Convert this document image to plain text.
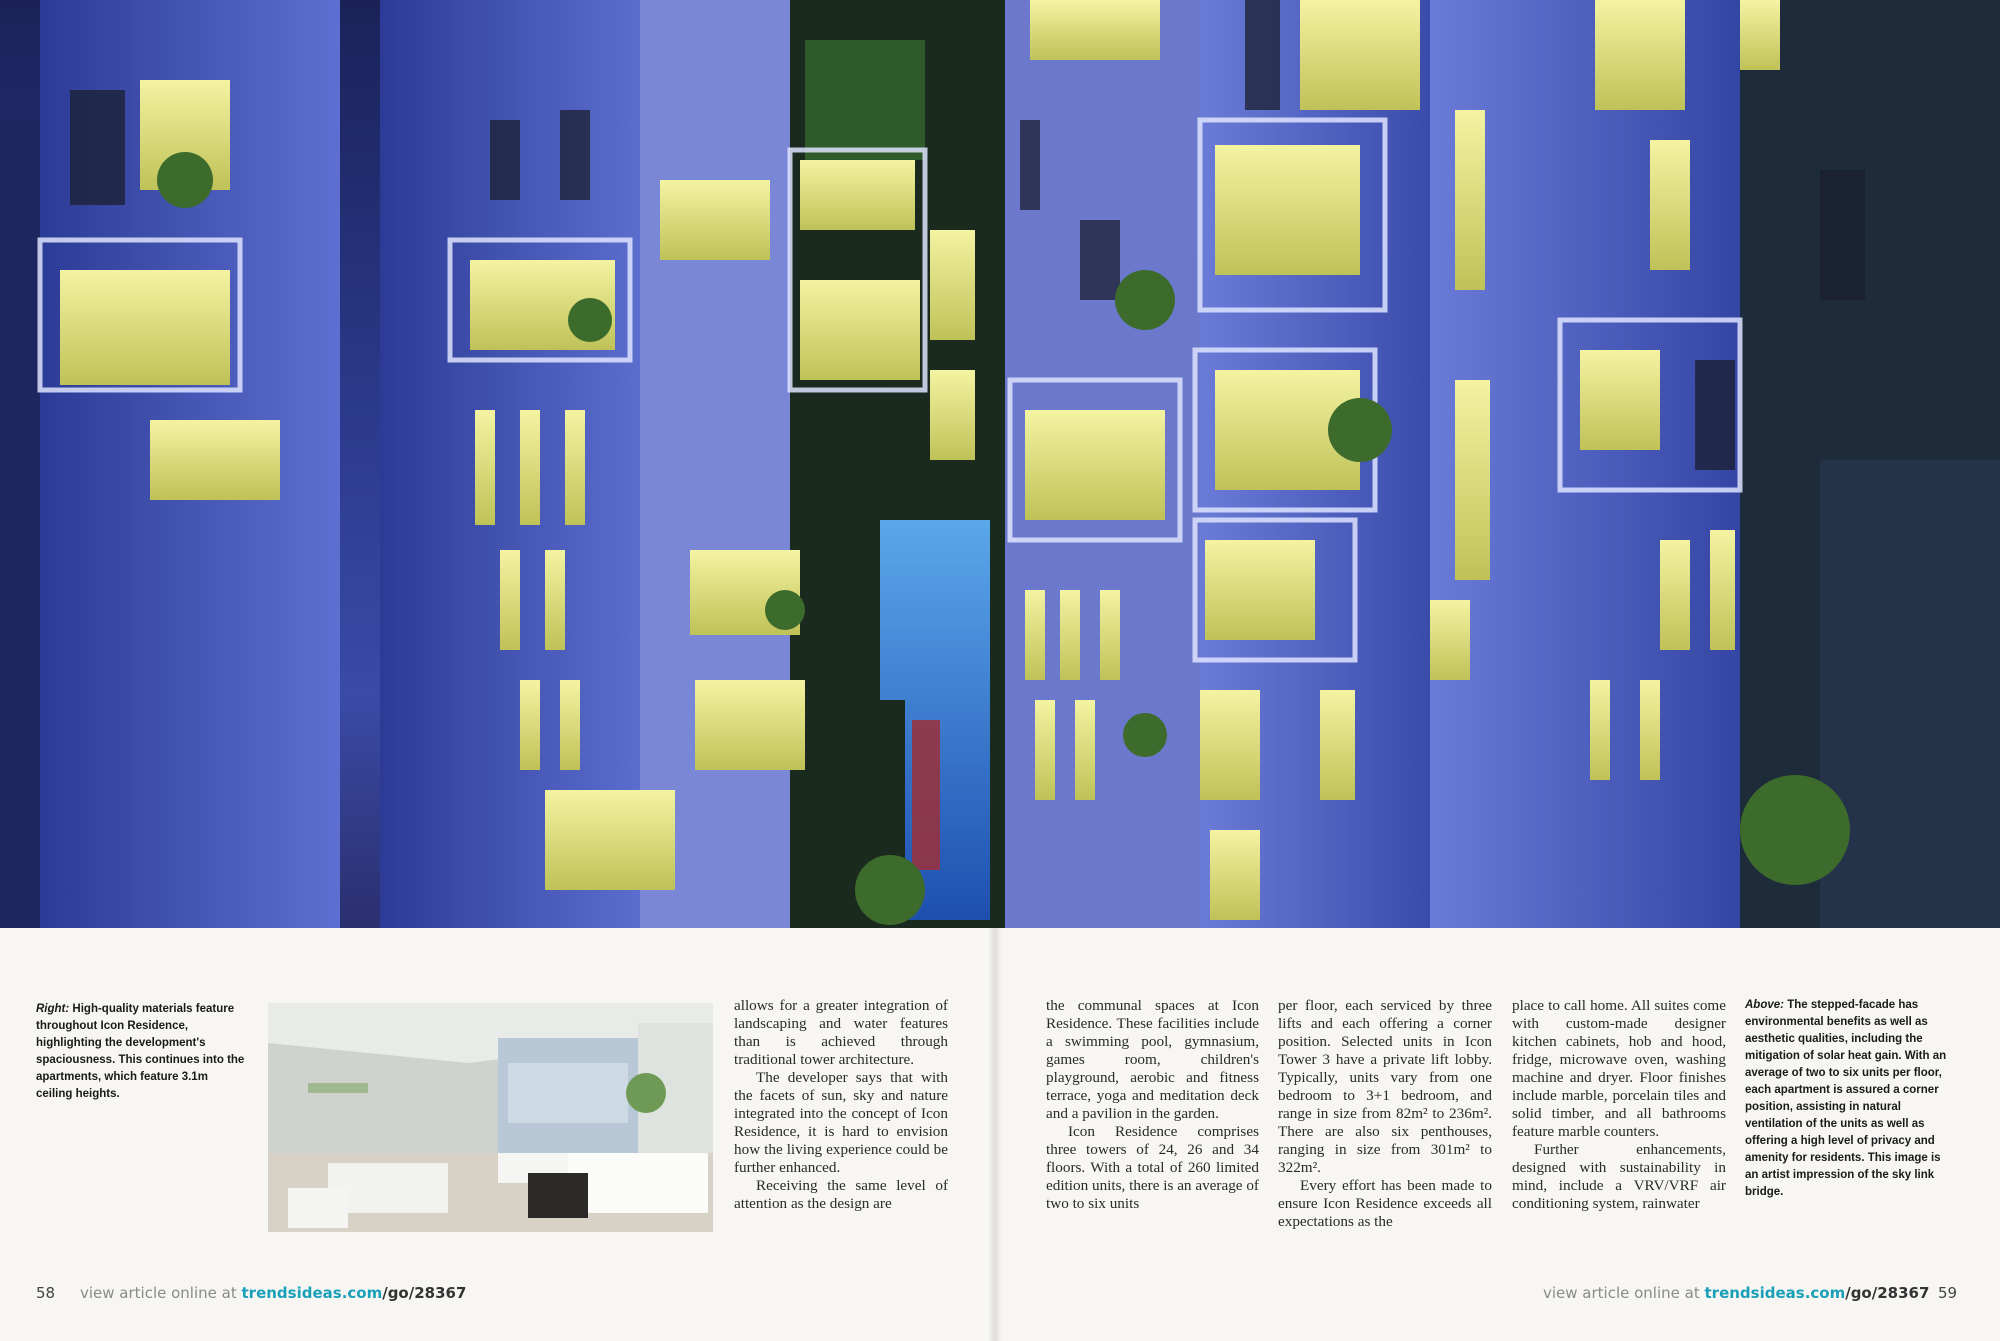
Right: High-quality materials feature throughout Icon Residence, highlighting the development's spaciousness. This continues into the apartments, which feature 3.1m ceiling heights.

allows for a greater integration of landscaping and water features than is achieved through traditional tower architecture.

The developer says that with the facets of sun, sky and nature integrated into the concept of Icon Residence, it is hard to envision how the living experience could be further enhanced.

Receiving the same level of attention as the design are

the communal spaces at Icon Residence. These facilities include a swimming pool, gymnasium, games room, children's playground, aerobic and fitness terrace, yoga and meditation deck and a pavilion in the garden.

Icon Residence comprises three towers of 24, 26 and 34 floors. With a total of 260 limited edition units, there is an average of two to six units

per floor, each serviced by three lifts and each offering a corner position. Selected units in Icon Tower 3 have a private lift lobby. Typically, units vary from one bedroom to 3+1 bedroom, and range in size from 82m² to 236m². There are also six penthouses, ranging in size from 301m² to 322m².

Every effort has been made to ensure Icon Residence exceeds all expectations as the

place to call home. All suites come with custom-made designer kitchen cabinets, hob and hood, fridge, microwave oven, washing machine and dryer. Floor finishes include marble, porcelain tiles and solid timber, and all bathrooms feature marble counters.

Further enhancements, designed with sustainability in mind, include a VRV/VRF air conditioning system, rainwater

Above: The stepped-facade has environmental benefits as well as aesthetic qualities, including the mitigation of solar heat gain. With an average of two to six units per floor, each apartment is assured a corner position, assisting in natural ventilation of the units as well as offering a high level of privacy and amenity for residents. This image is an artist impression of the sky link bridge.
58 view article online at trendsideas.com/go/28367	view article online at trendsideas.com/go/28367 59
